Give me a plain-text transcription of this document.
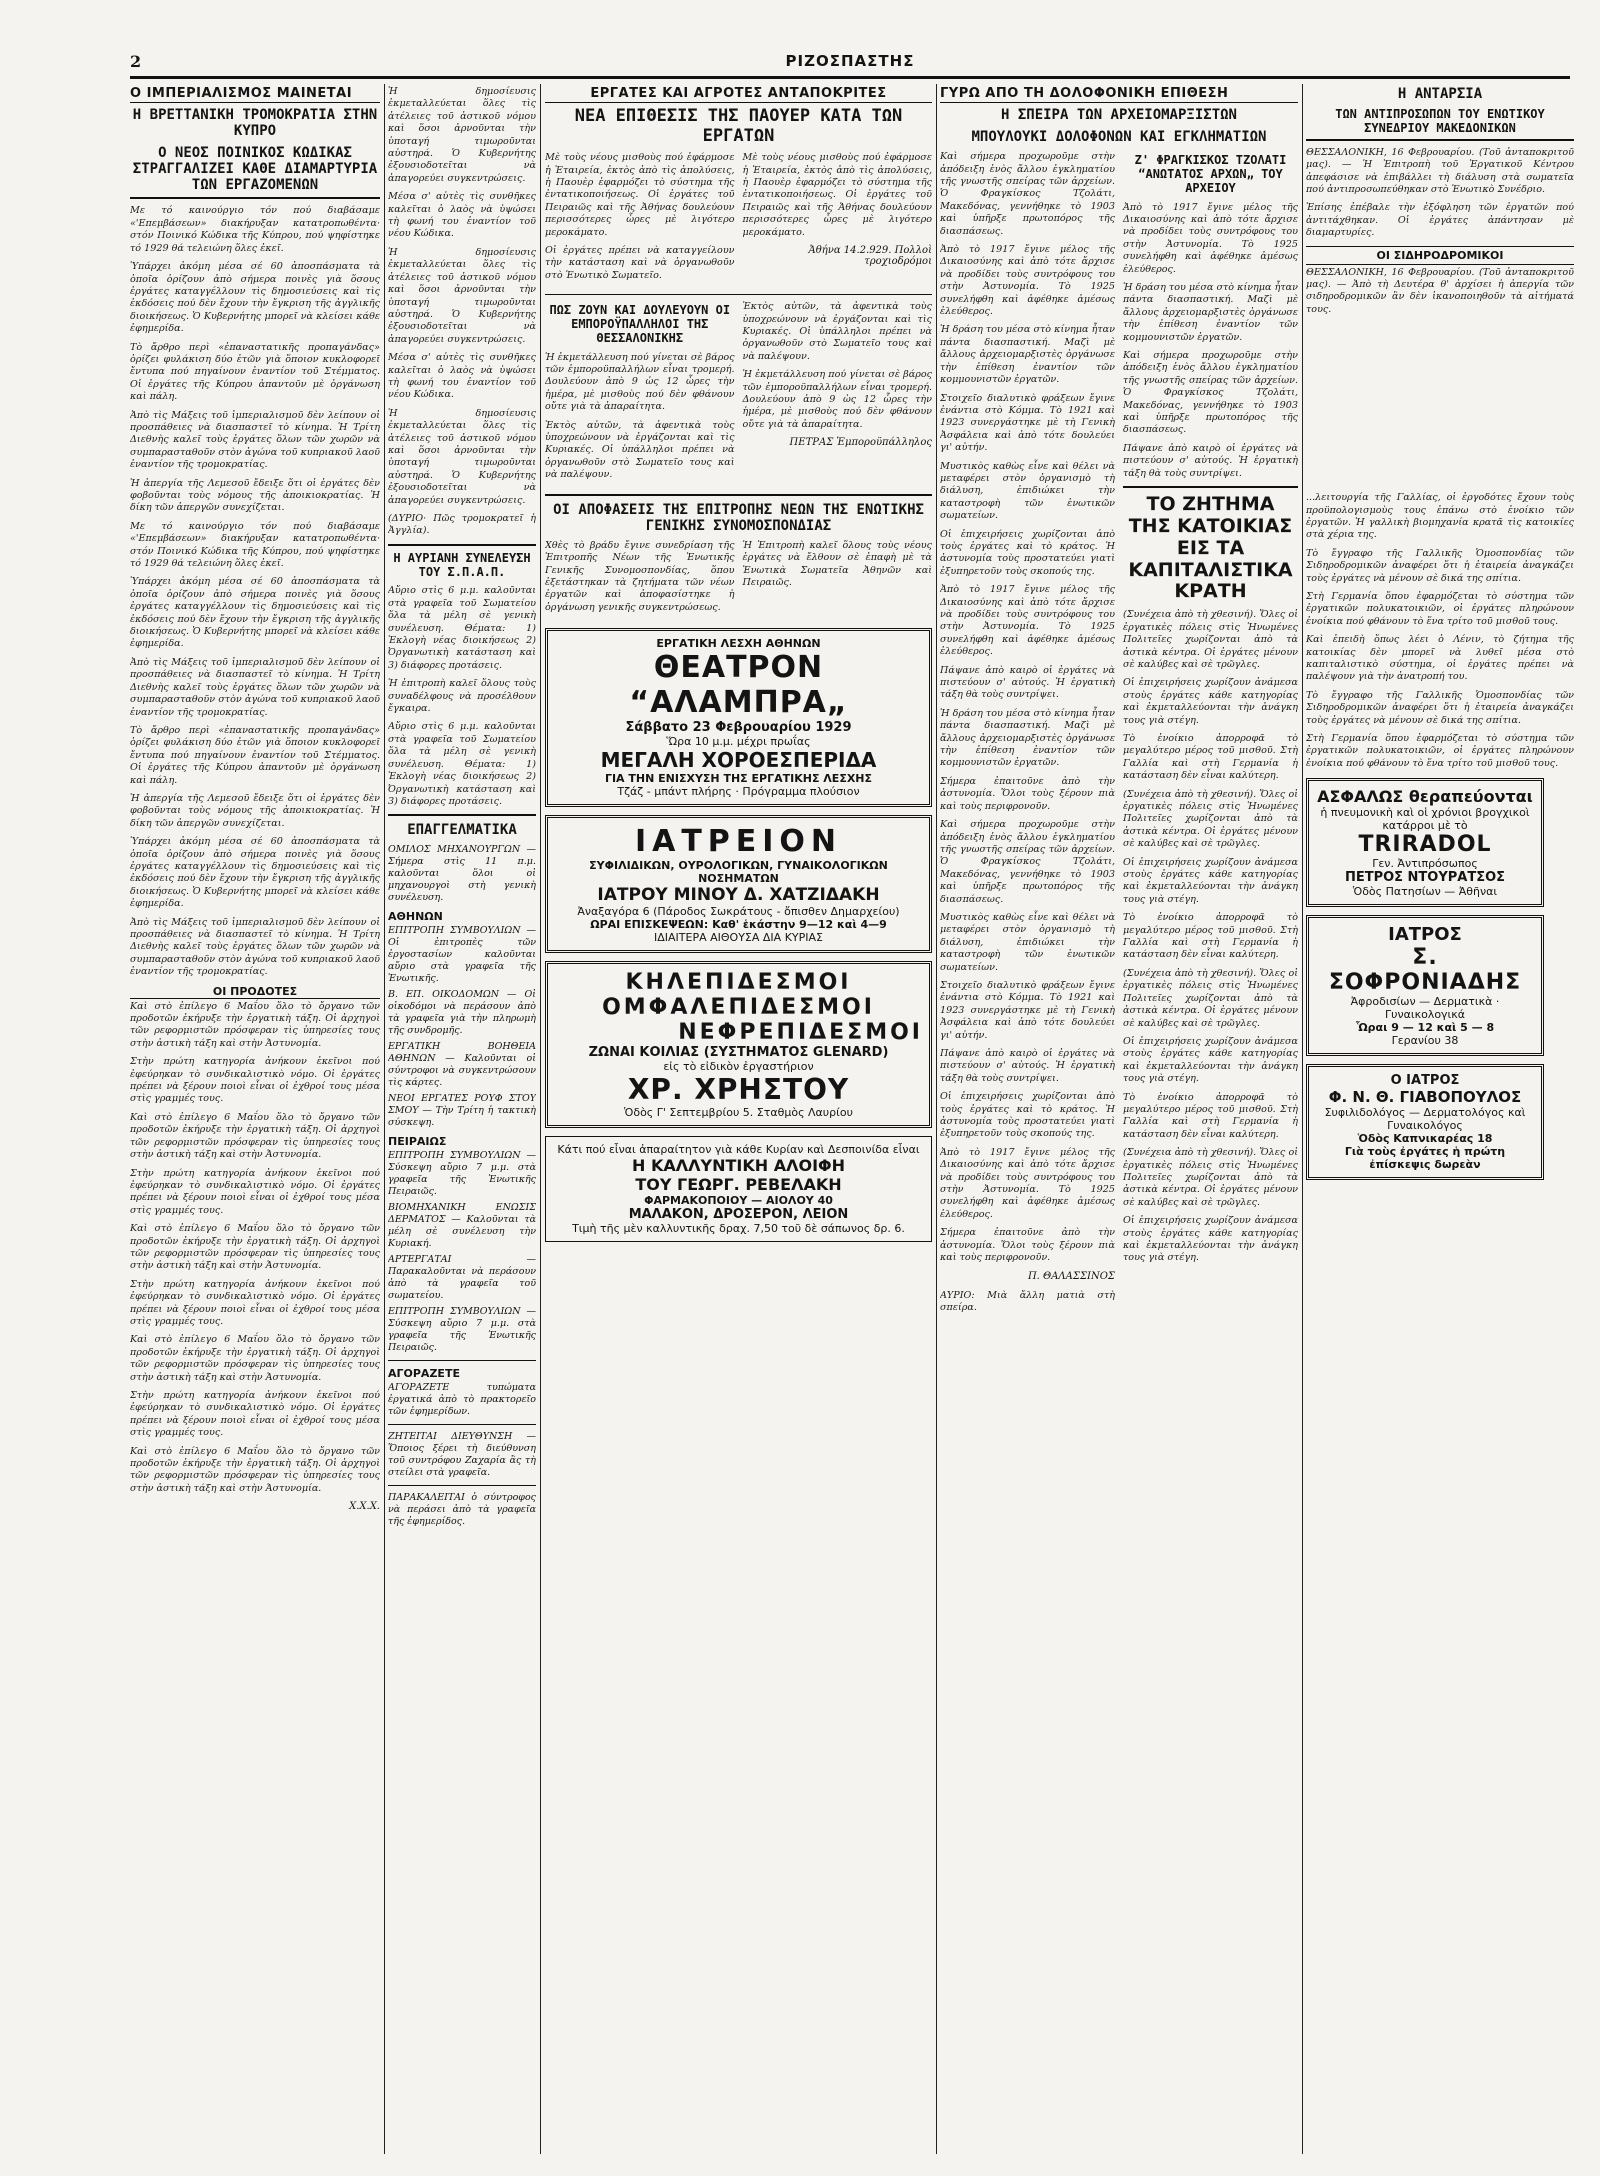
2	ΡΙΖΟΣΠΑΣΤΗΣ
Ο ΙΜΠΕΡΙΑΛΙΣΜΟΣ ΜΑΙΝΕΤΑΙ
Η ΒΡΕΤΤΑΝΙΚΗ ΤΡΟΜΟΚΡΑΤΙΑ ΣΤΗΝ ΚΥΠΡΟ
Ο ΝΕΟΣ ΠΟΙΝΙΚΟΣ ΚΩΔΙΚΑΣ ΣΤΡΑΓΓΑΛΙΖΕΙ ΚΑΘΕ ΔΙΑΜΑΡΤΥΡΙΑ ΤΩΝ ΕΡΓΑΖΟΜΕΝΩΝ

Με τό καινούργιο τόν πού διαβάσαμε «'Επεμβάσεων» διακήρυξαν κατατροπωθέντα· στόν Ποινικό Κώδικα τῆς Κύπρου, πού ψηφίστηκε τό 1929 θά τελειώνη ὅλες ἐκεῖ.

Ὑπάρχει ἀκόμη μέσα σέ 60 ἀποσπάσματα τὰ ὁποῖα ὁρίζουν ἀπὸ σήμερα ποινὲς γιὰ ὅσους ἐργάτες καταγγέλλουν τὶς δημοσιεύσεις καὶ τὶς ἐκδόσεις πού δὲν ἔχουν τὴν ἔγκριση τῆς ἀγγλικῆς διοικήσεως. Ὁ Κυβερνήτης μπορεῖ νὰ κλείσει κάθε ἐφημερίδα.

Τὸ ἄρθρο περὶ «ἐπαναστατικῆς προπαγάνδας» ὁρίζει φυλάκιση δύο ἐτῶν γιὰ ὅποιον κυκλοφορεῖ ἔντυπα πού πηγαίνουν ἐναντίον τοῦ Στέμματος. Οἱ ἐργάτες τῆς Κύπρου ἀπαντοῦν μὲ ὀργάνωση καὶ πάλη.

Ἀπὸ τὶς Μάξεις τοῦ ἰμπεριαλισμοῦ δὲν λείπουν οἱ προσπάθειες νὰ διασπαστεῖ τὸ κίνημα. Ἡ Τρίτη Διεθνὴς καλεῖ τοὺς ἐργάτες ὅλων τῶν χωρῶν νὰ συμπαρασταθοῦν στὸν ἀγώνα τοῦ κυπριακοῦ λαοῦ ἐναντίον τῆς τρομοκρατίας.

Ἡ ἀπεργία τῆς Λεμεσοῦ ἔδειξε ὅτι οἱ ἐργάτες δὲν φοβοῦνται τοὺς νόμους τῆς ἀποικιοκρατίας. Ἡ δίκη τῶν ἀπεργῶν συνεχίζεται.

Με τό καινούργιο τόν πού διαβάσαμε «'Επεμβάσεων» διακήρυξαν κατατροπωθέντα· στόν Ποινικό Κώδικα τῆς Κύπρου, πού ψηφίστηκε τό 1929 θά τελειώνη ὅλες ἐκεῖ.

Ὑπάρχει ἀκόμη μέσα σέ 60 ἀποσπάσματα τὰ ὁποῖα ὁρίζουν ἀπὸ σήμερα ποινὲς γιὰ ὅσους ἐργάτες καταγγέλλουν τὶς δημοσιεύσεις καὶ τὶς ἐκδόσεις πού δὲν ἔχουν τὴν ἔγκριση τῆς ἀγγλικῆς διοικήσεως. Ὁ Κυβερνήτης μπορεῖ νὰ κλείσει κάθε ἐφημερίδα.

Ἀπὸ τὶς Μάξεις τοῦ ἰμπεριαλισμοῦ δὲν λείπουν οἱ προσπάθειες νὰ διασπαστεῖ τὸ κίνημα. Ἡ Τρίτη Διεθνὴς καλεῖ τοὺς ἐργάτες ὅλων τῶν χωρῶν νὰ συμπαρασταθοῦν στὸν ἀγώνα τοῦ κυπριακοῦ λαοῦ ἐναντίον τῆς τρομοκρατίας.

Τὸ ἄρθρο περὶ «ἐπαναστατικῆς προπαγάνδας» ὁρίζει φυλάκιση δύο ἐτῶν γιὰ ὅποιον κυκλοφορεῖ ἔντυπα πού πηγαίνουν ἐναντίον τοῦ Στέμματος. Οἱ ἐργάτες τῆς Κύπρου ἀπαντοῦν μὲ ὀργάνωση καὶ πάλη.

Ἡ ἀπεργία τῆς Λεμεσοῦ ἔδειξε ὅτι οἱ ἐργάτες δὲν φοβοῦνται τοὺς νόμους τῆς ἀποικιοκρατίας. Ἡ δίκη τῶν ἀπεργῶν συνεχίζεται.

Ὑπάρχει ἀκόμη μέσα σέ 60 ἀποσπάσματα τὰ ὁποῖα ὁρίζουν ἀπὸ σήμερα ποινὲς γιὰ ὅσους ἐργάτες καταγγέλλουν τὶς δημοσιεύσεις καὶ τὶς ἐκδόσεις πού δὲν ἔχουν τὴν ἔγκριση τῆς ἀγγλικῆς διοικήσεως. Ὁ Κυβερνήτης μπορεῖ νὰ κλείσει κάθε ἐφημερίδα.

Ἀπὸ τὶς Μάξεις τοῦ ἰμπεριαλισμοῦ δὲν λείπουν οἱ προσπάθειες νὰ διασπαστεῖ τὸ κίνημα. Ἡ Τρίτη Διεθνὴς καλεῖ τοὺς ἐργάτες ὅλων τῶν χωρῶν νὰ συμπαρασταθοῦν στὸν ἀγώνα τοῦ κυπριακοῦ λαοῦ ἐναντίον τῆς τρομοκρατίας.

ΟΙ ΠΡΟΔΟΤΕΣ

Καὶ στὸ ἐπίλεγο 6 Μαΐου ὅλο τὸ ὄργανο τῶν προδοτῶν ἐκήρυξε τὴν ἐργατικὴ τάξη. Οἱ ἀρχηγοὶ τῶν ρεφορμιστῶν πρόσφεραν τὶς ὑπηρεσίες τους στὴν ἀστικὴ τάξη καὶ στὴν Ἀστυνομία.

Στὴν πρώτη κατηγορία ἀνήκουν ἐκεῖνοι πού ἐφεύρηκαν τὸ συνδικαλιστικὸ νόμο. Οἱ ἐργάτες πρέπει νὰ ξέρουν ποιοὶ εἶναι οἱ ἐχθροί τους μέσα στὶς γραμμές τους.

Καὶ στὸ ἐπίλεγο 6 Μαΐου ὅλο τὸ ὄργανο τῶν προδοτῶν ἐκήρυξε τὴν ἐργατικὴ τάξη. Οἱ ἀρχηγοὶ τῶν ρεφορμιστῶν πρόσφεραν τὶς ὑπηρεσίες τους στὴν ἀστικὴ τάξη καὶ στὴν Ἀστυνομία.

Στὴν πρώτη κατηγορία ἀνήκουν ἐκεῖνοι πού ἐφεύρηκαν τὸ συνδικαλιστικὸ νόμο. Οἱ ἐργάτες πρέπει νὰ ξέρουν ποιοὶ εἶναι οἱ ἐχθροί τους μέσα στὶς γραμμές τους.

Καὶ στὸ ἐπίλεγο 6 Μαΐου ὅλο τὸ ὄργανο τῶν προδοτῶν ἐκήρυξε τὴν ἐργατικὴ τάξη. Οἱ ἀρχηγοὶ τῶν ρεφορμιστῶν πρόσφεραν τὶς ὑπηρεσίες τους στὴν ἀστικὴ τάξη καὶ στὴν Ἀστυνομία.

Στὴν πρώτη κατηγορία ἀνήκουν ἐκεῖνοι πού ἐφεύρηκαν τὸ συνδικαλιστικὸ νόμο. Οἱ ἐργάτες πρέπει νὰ ξέρουν ποιοὶ εἶναι οἱ ἐχθροί τους μέσα στὶς γραμμές τους.

Καὶ στὸ ἐπίλεγο 6 Μαΐου ὅλο τὸ ὄργανο τῶν προδοτῶν ἐκήρυξε τὴν ἐργατικὴ τάξη. Οἱ ἀρχηγοὶ τῶν ρεφορμιστῶν πρόσφεραν τὶς ὑπηρεσίες τους στὴν ἀστικὴ τάξη καὶ στὴν Ἀστυνομία.

Στὴν πρώτη κατηγορία ἀνήκουν ἐκεῖνοι πού ἐφεύρηκαν τὸ συνδικαλιστικὸ νόμο. Οἱ ἐργάτες πρέπει νὰ ξέρουν ποιοὶ εἶναι οἱ ἐχθροί τους μέσα στὶς γραμμές τους.

Καὶ στὸ ἐπίλεγο 6 Μαΐου ὅλο τὸ ὄργανο τῶν προδοτῶν ἐκήρυξε τὴν ἐργατικὴ τάξη. Οἱ ἀρχηγοὶ τῶν ρεφορμιστῶν πρόσφεραν τὶς ὑπηρεσίες τους στὴν ἀστικὴ τάξη καὶ στὴν Ἀστυνομία.

Χ.Χ.Χ.

Ἡ δημοσίευσις ἐκμεταλλεύεται ὅλες τὶς ἀτέλειες τοῦ ἀστικοῦ νόμου καὶ ὅσοι ἀρνοῦνται τὴν ὑποταγή τιμωροῦνται αὐστηρά. Ὁ Κυβερνήτης ἐξουσιοδοτεῖται νὰ ἀπαγορεύει συγκεντρώσεις.

Μέσα σ' αὐτὲς τὶς συνθῆκες καλεῖται ὁ λαὸς νὰ ὑψώσει τὴ φωνή του ἐναντίον τοῦ νέου Κώδικα.

Ἡ δημοσίευσις ἐκμεταλλεύεται ὅλες τὶς ἀτέλειες τοῦ ἀστικοῦ νόμου καὶ ὅσοι ἀρνοῦνται τὴν ὑποταγή τιμωροῦνται αὐστηρά. Ὁ Κυβερνήτης ἐξουσιοδοτεῖται νὰ ἀπαγορεύει συγκεντρώσεις.

Μέσα σ' αὐτὲς τὶς συνθῆκες καλεῖται ὁ λαὸς νὰ ὑψώσει τὴ φωνή του ἐναντίον τοῦ νέου Κώδικα.

Ἡ δημοσίευσις ἐκμεταλλεύεται ὅλες τὶς ἀτέλειες τοῦ ἀστικοῦ νόμου καὶ ὅσοι ἀρνοῦνται τὴν ὑποταγή τιμωροῦνται αὐστηρά. Ὁ Κυβερνήτης ἐξουσιοδοτεῖται νὰ ἀπαγορεύει συγκεντρώσεις.

(ΔΥΡΙΟ· Πῶς τρομοκρατεῖ ἡ Ἀγγλία).

Η ΑΥΡΙΑΝΗ ΣΥΝΕΛΕΥΣΗ ΤΟΥ Σ.Π.Α.Π.

Αὔριο στὶς 6 μ.μ. καλοῦνται στὰ γραφεῖα τοῦ Σωματείου ὅλα τὰ μέλη σὲ γενικὴ συνέλευση. Θέματα: 1) Ἐκλογὴ νέας διοικήσεως 2) Ὀργανωτικὴ κατάσταση καὶ 3) διάφορες προτάσεις.

Ἡ ἐπιτροπὴ καλεῖ ὅλους τοὺς συναδέλφους νὰ προσέλθουν ἔγκαιρα.

Αὔριο στὶς 6 μ.μ. καλοῦνται στὰ γραφεῖα τοῦ Σωματείου ὅλα τὰ μέλη σὲ γενικὴ συνέλευση. Θέματα: 1) Ἐκλογὴ νέας διοικήσεως 2) Ὀργανωτικὴ κατάσταση καὶ 3) διάφορες προτάσεις.

ΕΠΑΓΓΕΛΜΑΤΙΚΑ

ΟΜΙΛΟΣ ΜΗΧΑΝΟΥΡΓΩΝ — Σήμερα στὶς 11 π.μ. καλοῦνται ὅλοι οἱ μηχανουργοὶ στὴ γενικὴ συνέλευση.

ΑΘΗΝΩΝ

ΕΠΙΤΡΟΠΗ ΣΥΜΒΟΥΛΙΩΝ — Οἱ ἐπιτροπὲς τῶν ἐργοστασίων καλοῦνται αὔριο στὰ γραφεῖα τῆς Ἑνωτικῆς.

Β. ΕΠ. ΟΙΚΟΔΟΜΩΝ — Οἱ οἰκοδόμοι νὰ περάσουν ἀπὸ τὰ γραφεῖα γιὰ τὴν πληρωμὴ τῆς συνδρομῆς.

ΕΡΓΑΤΙΚΗ ΒΟΗΘΕΙΑ ΑΘΗΝΩΝ — Καλοῦνται οἱ σύντροφοι νὰ συγκεντρώσουν τὶς κάρτες.

ΝΕΟΙ ΕΡΓΑΤΕΣ ΡΟΥΦ ΣΤΟΥ ΣΜΟΥ — Τὴν Τρίτη ἡ τακτικὴ σύσκεψη.

ΠΕΙΡΑΙΩΣ

ΕΠΙΤΡΟΠΗ ΣΥΜΒΟΥΛΙΩΝ — Σύσκεψη αὔριο 7 μ.μ. στὰ γραφεῖα τῆς Ἑνωτικῆς Πειραιῶς.

ΒΙΟΜΗΧΑΝΙΚΗ ΕΝΩΣΙΣ ΔΕΡΜΑΤΟΣ — Καλοῦνται τὰ μέλη σὲ συνέλευση τὴν Κυριακή.

ΑΡΤΕΡΓΑΤΑΙ — Παρακαλοῦνται νὰ περάσουν ἀπὸ τὰ γραφεῖα τοῦ σωματείου.

ΕΠΙΤΡΟΠΗ ΣΥΜΒΟΥΛΙΩΝ — Σύσκεψη αὔριο 7 μ.μ. στὰ γραφεῖα τῆς Ἑνωτικῆς Πειραιῶς.

ΑΓΟΡΑΖΕΤΕ

ΑΓΟΡΑΖΕΤΕ τυπώματα ἐργατικά ἀπὸ τὸ πρακτορεῖο τῶν ἐφημερίδων.

ΖΗΤΕΙΤΑΙ ΔΙΕΥΘΥΝΣΗ — Ὅποιος ξέρει τὴ διεύθυνση τοῦ συντρόφου Ζαχαρία ἂς τὴ στείλει στὰ γραφεῖα.

ΠΑΡΑΚΑΛΕΙΤΑΙ ὁ σύντροφος νὰ περάσει ἀπὸ τὰ γραφεῖα τῆς ἐφημερίδος.

ΕΡΓΑΤΕΣ ΚΑΙ ΑΓΡΟΤΕΣ ΑΝΤΑΠΟΚΡΙΤΕΣ
ΝΕΑ ΕΠΙΘΕΣΙΣ ΤΗΣ ΠΑΟΥΕΡ ΚΑΤΑ ΤΩΝ ΕΡΓΑΤΩΝ

Μὲ τοὺς νέους μισθοὺς πού ἐφάρμοσε ἡ Ἑταιρεία, ἐκτὸς ἀπὸ τὶς ἀπολύσεις, ἡ Παουὲρ ἐφαρμόζει τὸ σύστημα τῆς ἐντατικοποιήσεως. Οἱ ἐργάτες τοῦ Πειραιῶς καὶ τῆς Ἀθήνας δουλεύουν περισσότερες ὧρες μὲ λιγότερο μεροκάματο.

Οἱ ἐργάτες πρέπει νὰ καταγγείλουν τὴν κατάσταση καὶ νὰ ὀργανωθοῦν στὸ Ἑνωτικὸ Σωματεῖο.

Μὲ τοὺς νέους μισθοὺς πού ἐφάρμοσε ἡ Ἑταιρεία, ἐκτὸς ἀπὸ τὶς ἀπολύσεις, ἡ Παουὲρ ἐφαρμόζει τὸ σύστημα τῆς ἐντατικοποιήσεως. Οἱ ἐργάτες τοῦ Πειραιῶς καὶ τῆς Ἀθήνας δουλεύουν περισσότερες ὧρες μὲ λιγότερο μεροκάματο.

Ἀθήνα 14.2.929. Πολλοὶ τροχιοδρόμοι
ΠΩΣ ΖΟΥΝ ΚΑΙ ΔΟΥΛΕΥΟΥΝ ΟΙ ΕΜΠΟΡΟΫΠΑΛΛΗΛΟΙ ΤΗΣ ΘΕΣΣΑΛΟΝΙΚΗΣ

Ἡ ἐκμετάλλευση πού γίνεται σὲ βάρος τῶν ἐμποροϋπαλλήλων εἶναι τρομερή. Δουλεύουν ἀπὸ 9 ὡς 12 ὧρες τὴν ἡμέρα, μὲ μισθοὺς πού δὲν φθάνουν οὔτε γιὰ τὰ ἀπαραίτητα.

Ἐκτὸς αὐτῶν, τὰ ἀφεντικὰ τοὺς ὑποχρεώνουν νὰ ἐργάζονται καὶ τὶς Κυριακές. Οἱ ὑπάλληλοι πρέπει νὰ ὀργανωθοῦν στὸ Σωματεῖο τους καὶ νὰ παλέψουν.

Ἐκτὸς αὐτῶν, τὰ ἀφεντικὰ τοὺς ὑποχρεώνουν νὰ ἐργάζονται καὶ τὶς Κυριακές. Οἱ ὑπάλληλοι πρέπει νὰ ὀργανωθοῦν στὸ Σωματεῖο τους καὶ νὰ παλέψουν.

Ἡ ἐκμετάλλευση πού γίνεται σὲ βάρος τῶν ἐμποροϋπαλλήλων εἶναι τρομερή. Δουλεύουν ἀπὸ 9 ὡς 12 ὧρες τὴν ἡμέρα, μὲ μισθοὺς πού δὲν φθάνουν οὔτε γιὰ τὰ ἀπαραίτητα.

ΠΕΤΡΑΣ Ἐμποροϋπάλληλος
ΟΙ ΑΠΟΦΑΣΕΙΣ ΤΗΣ ΕΠΙΤΡΟΠΗΣ ΝΕΩΝ ΤΗΣ ΕΝΩΤΙΚΗΣ ΓΕΝΙΚΗΣ ΣΥΝΟΜΟΣΠΟΝΔΙΑΣ

Χθὲς τὸ βράδυ ἔγινε συνεδρίαση τῆς Ἐπιτροπῆς Νέων τῆς Ἑνωτικῆς Γενικῆς Συνομοσπονδίας, ὅπου ἐξετάστηκαν τὰ ζητήματα τῶν νέων ἐργατῶν καὶ ἀποφασίστηκε ἡ ὀργάνωση γενικῆς συγκεντρώσεως.

Ἡ Ἐπιτροπὴ καλεῖ ὅλους τοὺς νέους ἐργάτες νὰ ἔλθουν σὲ ἐπαφὴ μὲ τὰ Ἑνωτικὰ Σωματεῖα Ἀθηνῶν καὶ Πειραιῶς.

ΕΡΓΑΤΙΚΗ ΛΕΣΧΗ ΑΘΗΝΩΝ
ΘΕΑΤΡΟΝ “ΑΛΑΜΠΡΑ„
Σάββατο 23 Φεβρουαρίου 1929
Ὥρα 10 μ.μ. μέχρι πρωΐας
ΜΕΓΑΛΗ ΧΟΡΟΕΣΠΕΡΙΔΑ
ΓΙΑ ΤΗΝ ΕΝΙΣΧΥΣΗ ΤΗΣ ΕΡΓΑΤΙΚΗΣ ΛΕΣΧΗΣ
Τζάζ - μπάντ πλήρης · Πρόγραμμα πλούσιον
ΙΑΤΡΕΙΟΝ
ΣΥΦΙΛΙΔΙΚΩΝ, ΟΥΡΟΛΟΓΙΚΩΝ, ΓΥΝΑΙΚΟΛΟΓΙΚΩΝ ΝΟΣΗΜΑΤΩΝ
ΙΑΤΡΟΥ ΜΙΝΟΥ Δ. ΧΑΤΖΙΔΑΚΗ
Ἀναξαγόρα 6 (Πάροδος Σωκράτους - ὄπισθεν Δημαρχείου)
ΩΡΑΙ ΕΠΙΣΚΕΨΕΩΝ: Καθ' ἑκάστην 9—12 καὶ 4—9
ΙΔΙΑΙΤΕΡΑ ΑΙΘΟΥΣΑ ΔΙΑ ΚΥΡΙΑΣ
ΚΗΛΕΠΙΔΕΣΜΟΙ
ΟΜΦΑΛΕΠΙΔΕΣΜΟΙ
ΝΕΦΡΕΠΙΔΕΣΜΟΙ
ΖΩΝΑΙ ΚΟΙΛΙΑΣ (ΣΥΣΤΗΜΑΤΟΣ GLENARD)
εἰς τὸ εἰδικὸν ἐργαστήριον
ΧΡ. ΧΡΗΣΤΟΥ
Ὁδὸς Γ' Σεπτεμβρίου 5. Σταθμὸς Λαυρίου
Κάτι πού εἶναι ἀπαραίτητον γιὰ κάθε Κυρίαν καὶ Δεσποινίδα εἶναι
Η ΚΑΛΛΥΝΤΙΚΗ ΑΛΟΙΦΗ
ΤΟΥ ΓΕΩΡΓ. ΡΕΒΕΛΑΚΗ
ΦΑΡΜΑΚΟΠΟΙΟΥ — ΑΙΟΛΟΥ 40
ΜΑΛΑΚΟΝ, ΔΡΟΣΕΡΟΝ, ΛΕΙΟΝ
Τιμὴ τῆς μὲν καλλυντικῆς δραχ. 7,50 τοῦ δὲ σάπωνος δρ. 6.
ΓΥΡΩ ΑΠΟ ΤΗ ΔΟΛΟΦΟΝΙΚΗ ΕΠΙΘΕΣΗ
Η ΣΠΕΙΡΑ ΤΩΝ ΑΡΧΕΙΟΜΑΡΞΙΣΤΩΝ
ΜΠΟΥΛΟΥΚΙ ΔΟΛΟΦΟΝΩΝ ΚΑΙ ΕΓΚΛΗΜΑΤΙΩΝ

Καὶ σήμερα προχωροῦμε στὴν ἀπόδειξη ἑνὸς ἄλλου ἐγκληματίου τῆς γνωστῆς σπείρας τῶν ἀρχείων. Ὁ Φραγκίσκος Τζολάτι, Μακεδόνας, γεννήθηκε τὸ 1903 καὶ ὑπῆρξε πρωτοπόρος τῆς διασπάσεως.

Ἀπὸ τὸ 1917 ἔγινε μέλος τῆς Δικαιοσύνης καὶ ἀπὸ τότε ἄρχισε νὰ προδίδει τοὺς συντρόφους του στὴν Ἀστυνομία. Τὸ 1925 συνελήφθη καὶ ἀφέθηκε ἀμέσως ἐλεύθερος.

Ἡ δράση του μέσα στὸ κίνημα ἦταν πάντα διασπαστική. Μαζὶ μὲ ἄλλους ἀρχειομαρξιστὲς ὀργάνωσε τὴν ἐπίθεση ἐναντίον τῶν κομμουνιστῶν ἐργατῶν.

Στοιχεῖο διαλυτικὸ φράξεων ἔγινε ἐνάντια στὸ Κόμμα. Τὸ 1921 καὶ 1923 συνεργάστηκε μὲ τὴ Γενικὴ Ἀσφάλεια καὶ ἀπὸ τότε δουλεύει γι' αὐτήν.

Μυστικὸς καθὼς εἶνε καὶ θέλει νὰ μεταφέρει στὸν ὀργανισμὸ τὴ διάλυση, ἐπιδιώκει τὴν καταστροφὴ τῶν ἑνωτικῶν σωματείων.

Οἱ ἐπιχειρήσεις χωρίζονται ἀπὸ τοὺς ἐργάτες καὶ τὸ κράτος. Ἡ ἀστυνομία τοὺς προστατεύει γιατὶ ἐξυπηρετοῦν τοὺς σκοπούς της.

Ἀπὸ τὸ 1917 ἔγινε μέλος τῆς Δικαιοσύνης καὶ ἀπὸ τότε ἄρχισε νὰ προδίδει τοὺς συντρόφους του στὴν Ἀστυνομία. Τὸ 1925 συνελήφθη καὶ ἀφέθηκε ἀμέσως ἐλεύθερος.

Πάψανε ἀπὸ καιρὸ οἱ ἐργάτες νὰ πιστεύουν σ' αὐτούς. Ἡ ἐργατικὴ τάξη θὰ τοὺς συντρίψει.

Ἡ δράση του μέσα στὸ κίνημα ἦταν πάντα διασπαστική. Μαζὶ μὲ ἄλλους ἀρχειομαρξιστὲς ὀργάνωσε τὴν ἐπίθεση ἐναντίον τῶν κομμουνιστῶν ἐργατῶν.

Σήμερα ἐπαιτοῦνε ἀπὸ τὴν ἀστυνομία. Ὅλοι τοὺς ξέρουν πιὰ καὶ τοὺς περιφρονοῦν.

Καὶ σήμερα προχωροῦμε στὴν ἀπόδειξη ἑνὸς ἄλλου ἐγκληματίου τῆς γνωστῆς σπείρας τῶν ἀρχείων. Ὁ Φραγκίσκος Τζολάτι, Μακεδόνας, γεννήθηκε τὸ 1903 καὶ ὑπῆρξε πρωτοπόρος τῆς διασπάσεως.

Μυστικὸς καθὼς εἶνε καὶ θέλει νὰ μεταφέρει στὸν ὀργανισμὸ τὴ διάλυση, ἐπιδιώκει τὴν καταστροφὴ τῶν ἑνωτικῶν σωματείων.

Στοιχεῖο διαλυτικὸ φράξεων ἔγινε ἐνάντια στὸ Κόμμα. Τὸ 1921 καὶ 1923 συνεργάστηκε μὲ τὴ Γενικὴ Ἀσφάλεια καὶ ἀπὸ τότε δουλεύει γι' αὐτήν.

Πάψανε ἀπὸ καιρὸ οἱ ἐργάτες νὰ πιστεύουν σ' αὐτούς. Ἡ ἐργατικὴ τάξη θὰ τοὺς συντρίψει.

Οἱ ἐπιχειρήσεις χωρίζονται ἀπὸ τοὺς ἐργάτες καὶ τὸ κράτος. Ἡ ἀστυνομία τοὺς προστατεύει γιατὶ ἐξυπηρετοῦν τοὺς σκοπούς της.

Ἀπὸ τὸ 1917 ἔγινε μέλος τῆς Δικαιοσύνης καὶ ἀπὸ τότε ἄρχισε νὰ προδίδει τοὺς συντρόφους του στὴν Ἀστυνομία. Τὸ 1925 συνελήφθη καὶ ἀφέθηκε ἀμέσως ἐλεύθερος.

Σήμερα ἐπαιτοῦνε ἀπὸ τὴν ἀστυνομία. Ὅλοι τοὺς ξέρουν πιὰ καὶ τοὺς περιφρονοῦν.

Π. ΘΑΛΑΣΣΙΝΟΣ

ΑΥΡΙΟ: Μιὰ ἄλλη ματιὰ στὴ σπείρα.

Ζ' ΦΡΑΓΚΙΣΚΟΣ ΤΖΟΛΑΤΙ “ΑΝΩΤΑΤΟΣ ΑΡΧΩΝ„ ΤΟΥ ΑΡΧΕΙΟΥ

Ἀπὸ τὸ 1917 ἔγινε μέλος τῆς Δικαιοσύνης καὶ ἀπὸ τότε ἄρχισε νὰ προδίδει τοὺς συντρόφους του στὴν Ἀστυνομία. Τὸ 1925 συνελήφθη καὶ ἀφέθηκε ἀμέσως ἐλεύθερος.

Ἡ δράση του μέσα στὸ κίνημα ἦταν πάντα διασπαστική. Μαζὶ μὲ ἄλλους ἀρχειομαρξιστὲς ὀργάνωσε τὴν ἐπίθεση ἐναντίον τῶν κομμουνιστῶν ἐργατῶν.

Καὶ σήμερα προχωροῦμε στὴν ἀπόδειξη ἑνὸς ἄλλου ἐγκληματίου τῆς γνωστῆς σπείρας τῶν ἀρχείων. Ὁ Φραγκίσκος Τζολάτι, Μακεδόνας, γεννήθηκε τὸ 1903 καὶ ὑπῆρξε πρωτοπόρος τῆς διασπάσεως.

Πάψανε ἀπὸ καιρὸ οἱ ἐργάτες νὰ πιστεύουν σ' αὐτούς. Ἡ ἐργατικὴ τάξη θὰ τοὺς συντρίψει.

ΤΟ ΖΗΤΗΜΑ ΤΗΣ ΚΑΤΟΙΚΙΑΣ ΕΙΣ ΤΑ ΚΑΠΙΤΑΛΙΣΤΙΚΑ ΚΡΑΤΗ

(Συνέχεια ἀπὸ τὴ χθεσινή). Ὅλες οἱ ἐργατικὲς πόλεις στὶς Ἡνωμένες Πολιτεῖες χωρίζονται ἀπὸ τὰ ἀστικὰ κέντρα. Οἱ ἐργάτες μένουν σὲ καλύβες καὶ σὲ τρῶγλες.

Οἱ ἐπιχειρήσεις χωρίζουν ἀνάμεσα στοὺς ἐργάτες κάθε κατηγορίας καὶ ἐκμεταλλεύονται τὴν ἀνάγκη τους γιὰ στέγη.

Τὸ ἐνοίκιο ἀπορροφᾶ τὸ μεγαλύτερο μέρος τοῦ μισθοῦ. Στὴ Γαλλία καὶ στὴ Γερμανία ἡ κατάσταση δὲν εἶναι καλύτερη.

(Συνέχεια ἀπὸ τὴ χθεσινή). Ὅλες οἱ ἐργατικὲς πόλεις στὶς Ἡνωμένες Πολιτεῖες χωρίζονται ἀπὸ τὰ ἀστικὰ κέντρα. Οἱ ἐργάτες μένουν σὲ καλύβες καὶ σὲ τρῶγλες.

Οἱ ἐπιχειρήσεις χωρίζουν ἀνάμεσα στοὺς ἐργάτες κάθε κατηγορίας καὶ ἐκμεταλλεύονται τὴν ἀνάγκη τους γιὰ στέγη.

Τὸ ἐνοίκιο ἀπορροφᾶ τὸ μεγαλύτερο μέρος τοῦ μισθοῦ. Στὴ Γαλλία καὶ στὴ Γερμανία ἡ κατάσταση δὲν εἶναι καλύτερη.

(Συνέχεια ἀπὸ τὴ χθεσινή). Ὅλες οἱ ἐργατικὲς πόλεις στὶς Ἡνωμένες Πολιτεῖες χωρίζονται ἀπὸ τὰ ἀστικὰ κέντρα. Οἱ ἐργάτες μένουν σὲ καλύβες καὶ σὲ τρῶγλες.

Οἱ ἐπιχειρήσεις χωρίζουν ἀνάμεσα στοὺς ἐργάτες κάθε κατηγορίας καὶ ἐκμεταλλεύονται τὴν ἀνάγκη τους γιὰ στέγη.

Τὸ ἐνοίκιο ἀπορροφᾶ τὸ μεγαλύτερο μέρος τοῦ μισθοῦ. Στὴ Γαλλία καὶ στὴ Γερμανία ἡ κατάσταση δὲν εἶναι καλύτερη.

(Συνέχεια ἀπὸ τὴ χθεσινή). Ὅλες οἱ ἐργατικὲς πόλεις στὶς Ἡνωμένες Πολιτεῖες χωρίζονται ἀπὸ τὰ ἀστικὰ κέντρα. Οἱ ἐργάτες μένουν σὲ καλύβες καὶ σὲ τρῶγλες.

Οἱ ἐπιχειρήσεις χωρίζουν ἀνάμεσα στοὺς ἐργάτες κάθε κατηγορίας καὶ ἐκμεταλλεύονται τὴν ἀνάγκη τους γιὰ στέγη.

Η ΑΝΤΑΡΣΙΑ
ΤΩΝ ΑΝΤΙΠΡΟΣΩΠΩΝ ΤΟΥ ΕΝΩΤΙΚΟΥ ΣΥΝΕΔΡΙΟΥ ΜΑΚΕΔΟΝΙΚΩΝ

ΘΕΣΣΑΛΟΝΙΚΗ, 16 Φεβρουαρίου. (Τοῦ ἀνταποκριτοῦ μας). — Ἡ Ἐπιτροπὴ τοῦ Ἐργατικοῦ Κέντρου ἀπεφάσισε νὰ ἐπιβάλλει τὴ διάλυση στὰ σωματεῖα πού ἀντιπροσωπεύθηκαν στὸ Ἑνωτικὸ Συνέδριο.

Ἐπίσης ἐπέβαλε τὴν ἐξόφληση τῶν ἐργατῶν πού ἀντιτάχθηκαν. Οἱ ἐργάτες ἀπάντησαν μὲ διαμαρτυρίες.

ΟΙ ΣΙΔΗΡΟΔΡΟΜΙΚΟΙ

ΘΕΣΣΑΛΟΝΙΚΗ, 16 Φεβρουαρίου. (Τοῦ ἀνταποκριτοῦ μας). — Ἀπὸ τὴ Δευτέρα θ' ἀρχίσει ἡ ἀπεργία τῶν σιδηροδρομικῶν ἂν δὲν ἱκανοποιηθοῦν τὰ αἰτήματά τους.

...λειτουργία τῆς Γαλλίας, οἱ ἐργοδότες ἔχουν τοὺς προϋπολογισμοὺς τους ἐπάνω στὸ ἐνοίκιο τῶν ἐργατῶν. Ἡ γαλλικὴ βιομηχανία κρατᾶ τὶς κατοικίες στὰ χέρια της.

Τὸ ἔγγραφο τῆς Γαλλικῆς Ὁμοσπονδίας τῶν Σιδηροδρομικῶν ἀναφέρει ὅτι ἡ ἐταιρεία ἀναγκάζει τοὺς ἐργάτες νὰ μένουν σὲ δικά της σπίτια.

Στὴ Γερμανία ὅπου ἐφαρμόζεται τὸ σύστημα τῶν ἐργατικῶν πολυκατοικιῶν, οἱ ἐργάτες πληρώνουν ἐνοίκια πού φθάνουν τὸ ἕνα τρίτο τοῦ μισθοῦ τους.

Καὶ ἐπειδὴ ὅπως λέει ὁ Λένιν, τὸ ζήτημα τῆς κατοικίας δὲν μπορεῖ νὰ λυθεῖ μέσα στὸ καπιταλιστικὸ σύστημα, οἱ ἐργάτες πρέπει νὰ παλέψουν γιὰ τὴν ἀνατροπή του.

Τὸ ἔγγραφο τῆς Γαλλικῆς Ὁμοσπονδίας τῶν Σιδηροδρομικῶν ἀναφέρει ὅτι ἡ ἐταιρεία ἀναγκάζει τοὺς ἐργάτες νὰ μένουν σὲ δικά της σπίτια.

Στὴ Γερμανία ὅπου ἐφαρμόζεται τὸ σύστημα τῶν ἐργατικῶν πολυκατοικιῶν, οἱ ἐργάτες πληρώνουν ἐνοίκια πού φθάνουν τὸ ἕνα τρίτο τοῦ μισθοῦ τους.

ΑΣΦΑΛΩΣ θεραπεύονται
ἡ πνευμονικὴ καὶ οἱ χρόνιοι βρογχικοὶ κατάρροι μὲ τὸ
TRIRADOL
Γεν. Ἀντιπρόσωπος
ΠΕΤΡΟΣ ΝΤΟΥΡΑΤΣΟΣ
Ὁδὸς Πατησίων — Ἀθῆναι
ΙΑΤΡΟΣ
Σ. ΣΟΦΡΟΝΙΑΔΗΣ
Ἀφροδισίων — Δερματικὰ · Γυναικολογικά
Ὧραι 9 — 12 καὶ 5 — 8
Γερανίου 38
Ο ΙΑΤΡΟΣ
Φ. Ν. Θ. ΓΙΑΒΟΠΟΥΛΟΣ
Συφιλιδολόγος — Δερματολόγος καὶ Γυναικολόγος
Ὁδὸς Καπνικαρέας 18
Γιὰ τοὺς ἐργάτες ἡ πρώτη ἐπίσκεψις δωρεὰν
